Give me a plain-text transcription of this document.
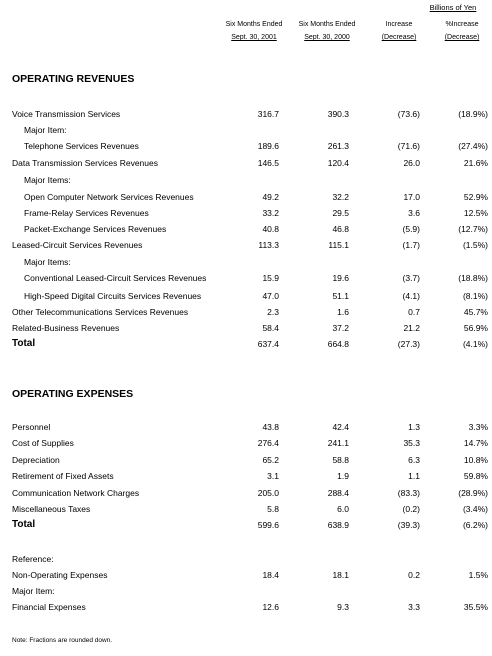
Billions of Yen
Six Months Ended
Sept. 30, 2001
Six Months Ended
Sept. 30, 2000
Increase
(Decrease)
%Increase
(Decrease)
OPERATING REVENUES
Voice Transmission Services	316.7	390.3	(73.6)	(18.9%)
Major Item:
Telephone Services Revenues	189.6	261.3	(71.6)	(27.4%)
Data Transmission Services Revenues	146.5	120.4	26.0	21.6%
Major Items:
Open Computer Network Services Revenues	49.2	32.2	17.0	52.9%
Frame-Relay Services Revenues	33.2	29.5	3.6	12.5%
Packet-Exchange Services Revenues	40.8	46.8	(5.9)	(12.7%)
Leased-Circuit Services Revenues	113.3	115.1	(1.7)	(1.5%)
Major Items:
Conventional Leased-Circuit Services Revenues	15.9	19.6	(3.7)	(18.8%)
High-Speed Digital Circuits Services Revenues	47.0	51.1	(4.1)	(8.1%)
Other Telecommunications Services Revenues	2.3	1.6	0.7	45.7%
Related-Business Revenues	58.4	37.2	21.2	56.9%
Total	637.4	664.8	(27.3)	(4.1%)
OPERATING EXPENSES
Personnel	43.8	42.4	1.3	3.3%
Cost of Supplies	276.4	241.1	35.3	14.7%
Depreciation	65.2	58.8	6.3	10.8%
Retirement of Fixed Assets	3.1	1.9	1.1	59.8%
Communication Network Charges	205.0	288.4	(83.3)	(28.9%)
Miscellaneous Taxes	5.8	6.0	(0.2)	(3.4%)
Total	599.6	638.9	(39.3)	(6.2%)
Reference:
Non-Operating Expenses	18.4	18.1	0.2	1.5%
Major Item:
Financial Expenses	12.6	9.3	3.3	35.5%
Note: Fractions are rounded down.
